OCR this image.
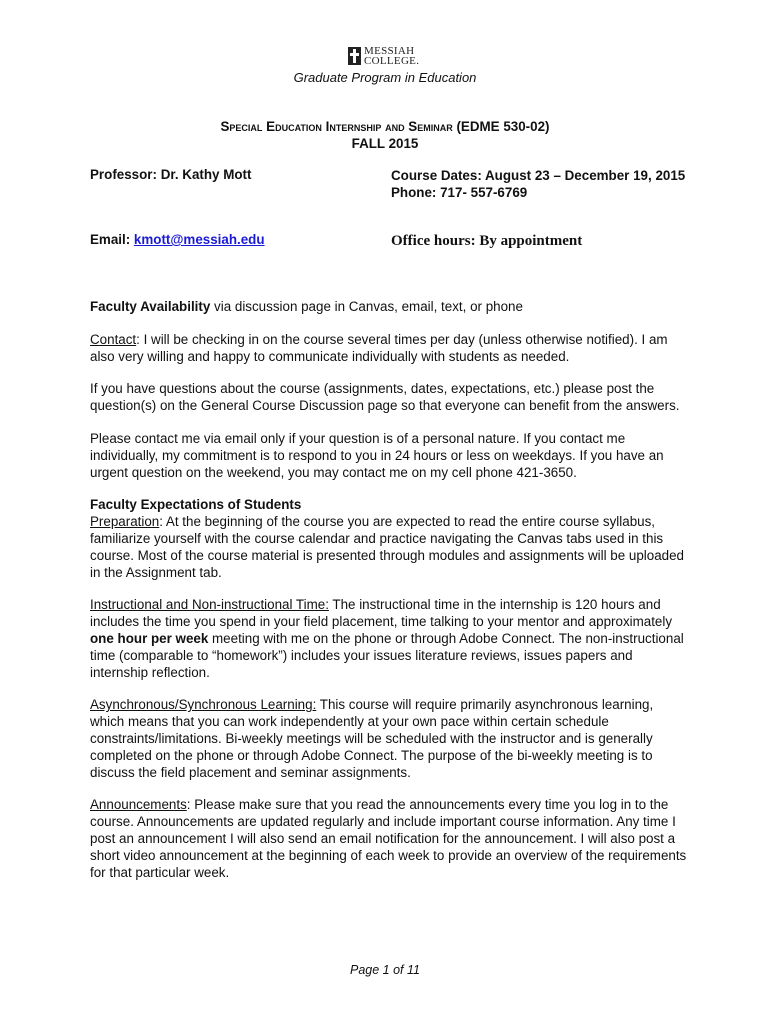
MESSIAH
COLLEGE.
Graduate Program in Education
Special Education Internship and Seminar (EDME 530-02)
FALL 2015
Professor: Dr. Kathy Mott	Course Dates: August 23 – December 19, 2015
Phone: 717- 557-6769
Email: kmott@messiah.edu	Office hours: By appointment

Faculty Availability via discussion page in Canvas, email, text, or phone

Contact: I will be checking in on the course several times per day (unless otherwise notified). I am also very willing and happy to communicate individually with students as needed.

If you have questions about the course (assignments, dates, expectations, etc.) please post the question(s) on the General Course Discussion page so that everyone can benefit from the answers.

Please contact me via email only if your question is of a personal nature. If you contact me individually, my commitment is to respond to you in 24 hours or less on weekdays. If you have an urgent question on the weekend, you may contact me on my cell phone 421-3650.

Faculty Expectations of Students
Preparation: At the beginning of the course you are expected to read the entire course syllabus, familiarize yourself with the course calendar and practice navigating the Canvas tabs used in this course. Most of the course material is presented through modules and assignments will be uploaded in the Assignment tab.

Instructional and Non-instructional Time: The instructional time in the internship is 120 hours and includes the time you spend in your field placement, time talking to your mentor and approximately one hour per week meeting with me on the phone or through Adobe Connect. The non-instructional time (comparable to “homework”) includes your issues literature reviews, issues papers and internship reflection.

Asynchronous/Synchronous Learning: This course will require primarily asynchronous learning, which means that you can work independently at your own pace within certain schedule constraints/limitations. Bi-weekly meetings will be scheduled with the instructor and is generally completed on the phone or through Adobe Connect. The purpose of the bi-weekly meeting is to discuss the field placement and seminar assignments.

Announcements: Please make sure that you read the announcements every time you log in to the course. Announcements are updated regularly and include important course information. Any time I post an announcement I will also send an email notification for the announcement. I will also post a short video announcement at the beginning of each week to provide an overview of the requirements for that particular week.

Page 1 of 11
